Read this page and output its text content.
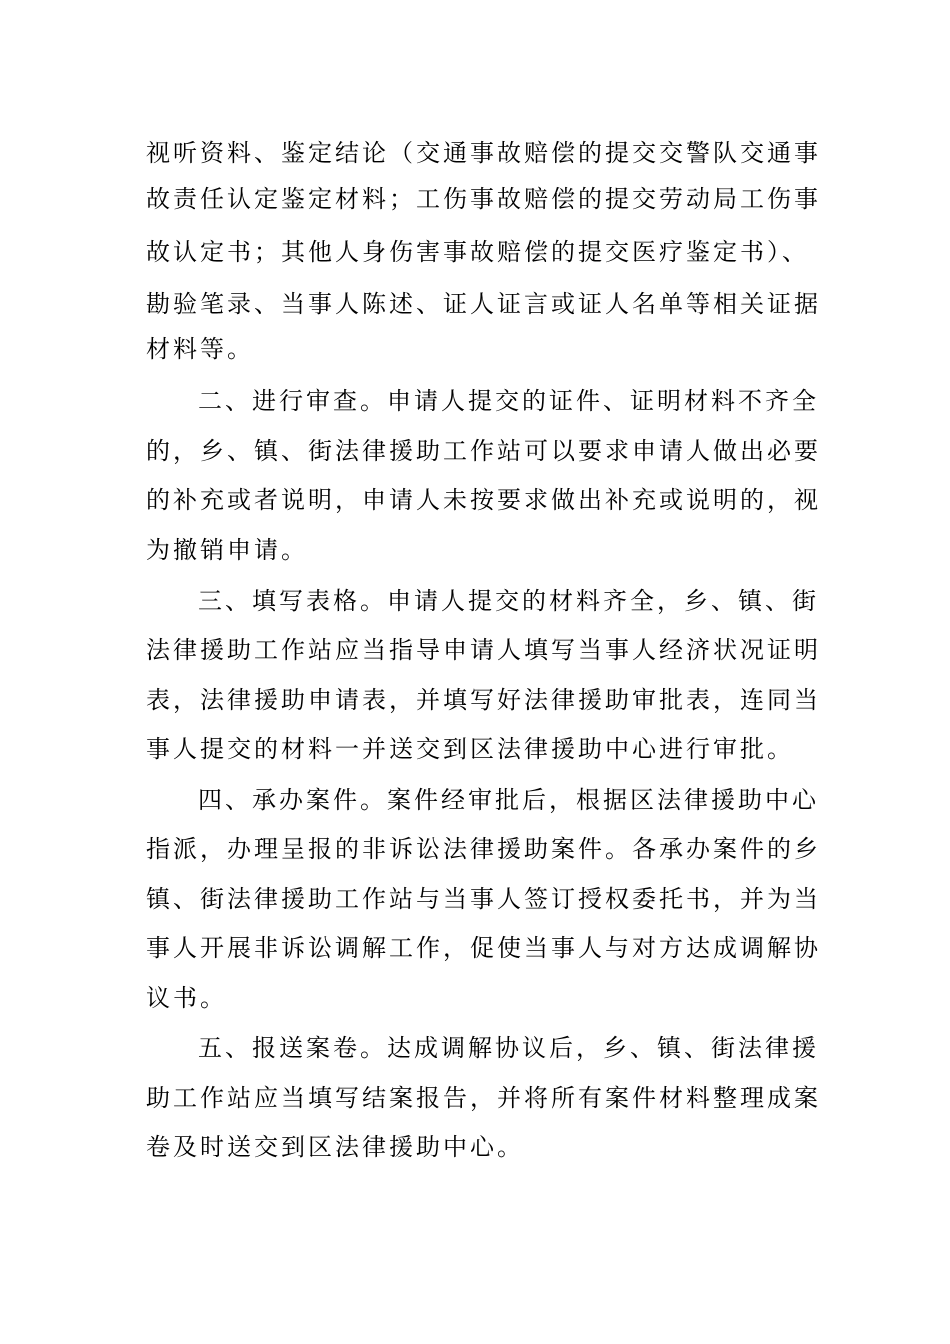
视听资料、鉴定结论（交通事故赔偿的提交交警队交通事
故责任认定鉴定材料；工伤事故赔偿的提交劳动局工伤事
故认定书；其他人身伤害事故赔偿的提交医疗鉴定书）、
勘验笔录、当事人陈述、证人证言或证人名单等相关证据
材料等。
二、进行审查。申请人提交的证件、证明材料不齐全
的，乡、镇、街法律援助工作站可以要求申请人做出必要
的补充或者说明，申请人未按要求做出补充或说明的，视
为撤销申请。
三、填写表格。申请人提交的材料齐全，乡、镇、街
法律援助工作站应当指导申请人填写当事人经济状况证明
表，法律援助申请表，并填写好法律援助审批表，连同当
事人提交的材料一并送交到区法律援助中心进行审批。
四、承办案件。案件经审批后，根据区法律援助中心
指派，办理呈报的非诉讼法律援助案件。各承办案件的乡
镇、街法律援助工作站与当事人签订授权委托书，并为当
事人开展非诉讼调解工作，促使当事人与对方达成调解协
议书。
五、报送案卷。达成调解协议后，乡、镇、街法律援
助工作站应当填写结案报告，并将所有案件材料整理成案
卷及时送交到区法律援助中心。
